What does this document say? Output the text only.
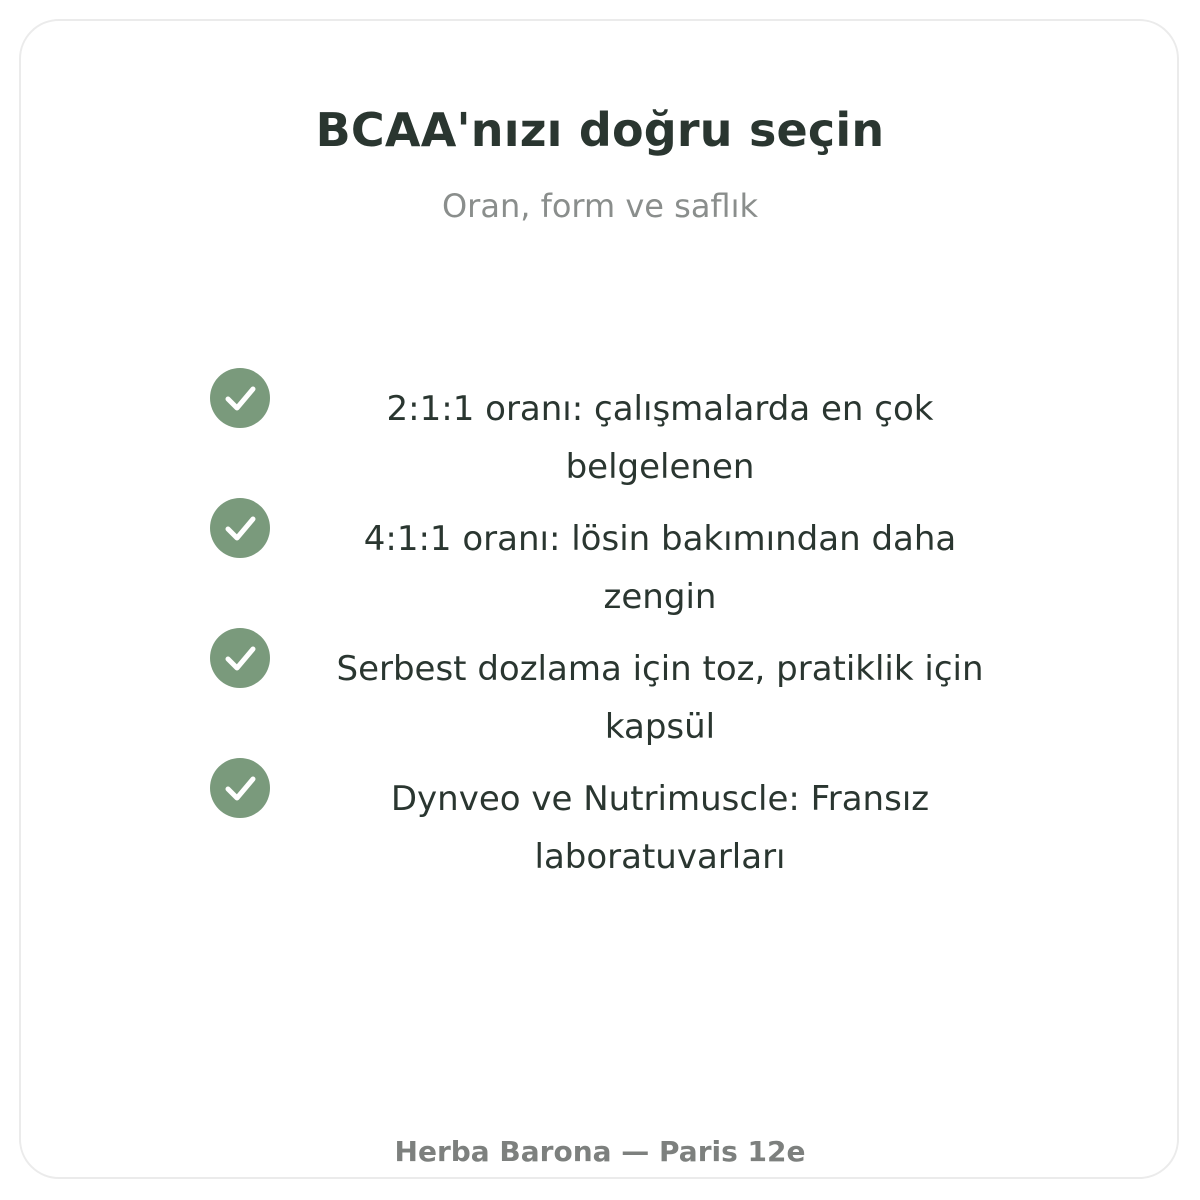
BCAA'nızı doğru seçin
Oran, form ve saflık
2:1:1 oranı: çalışmalarda en çok belgelenen
4:1:1 oranı: lösin bakımından daha zengin
Serbest dozlama için toz, pratiklik için kapsül
Dynveo ve Nutrimuscle: Fransız laboratuvarları
Herba Barona — Paris 12e
